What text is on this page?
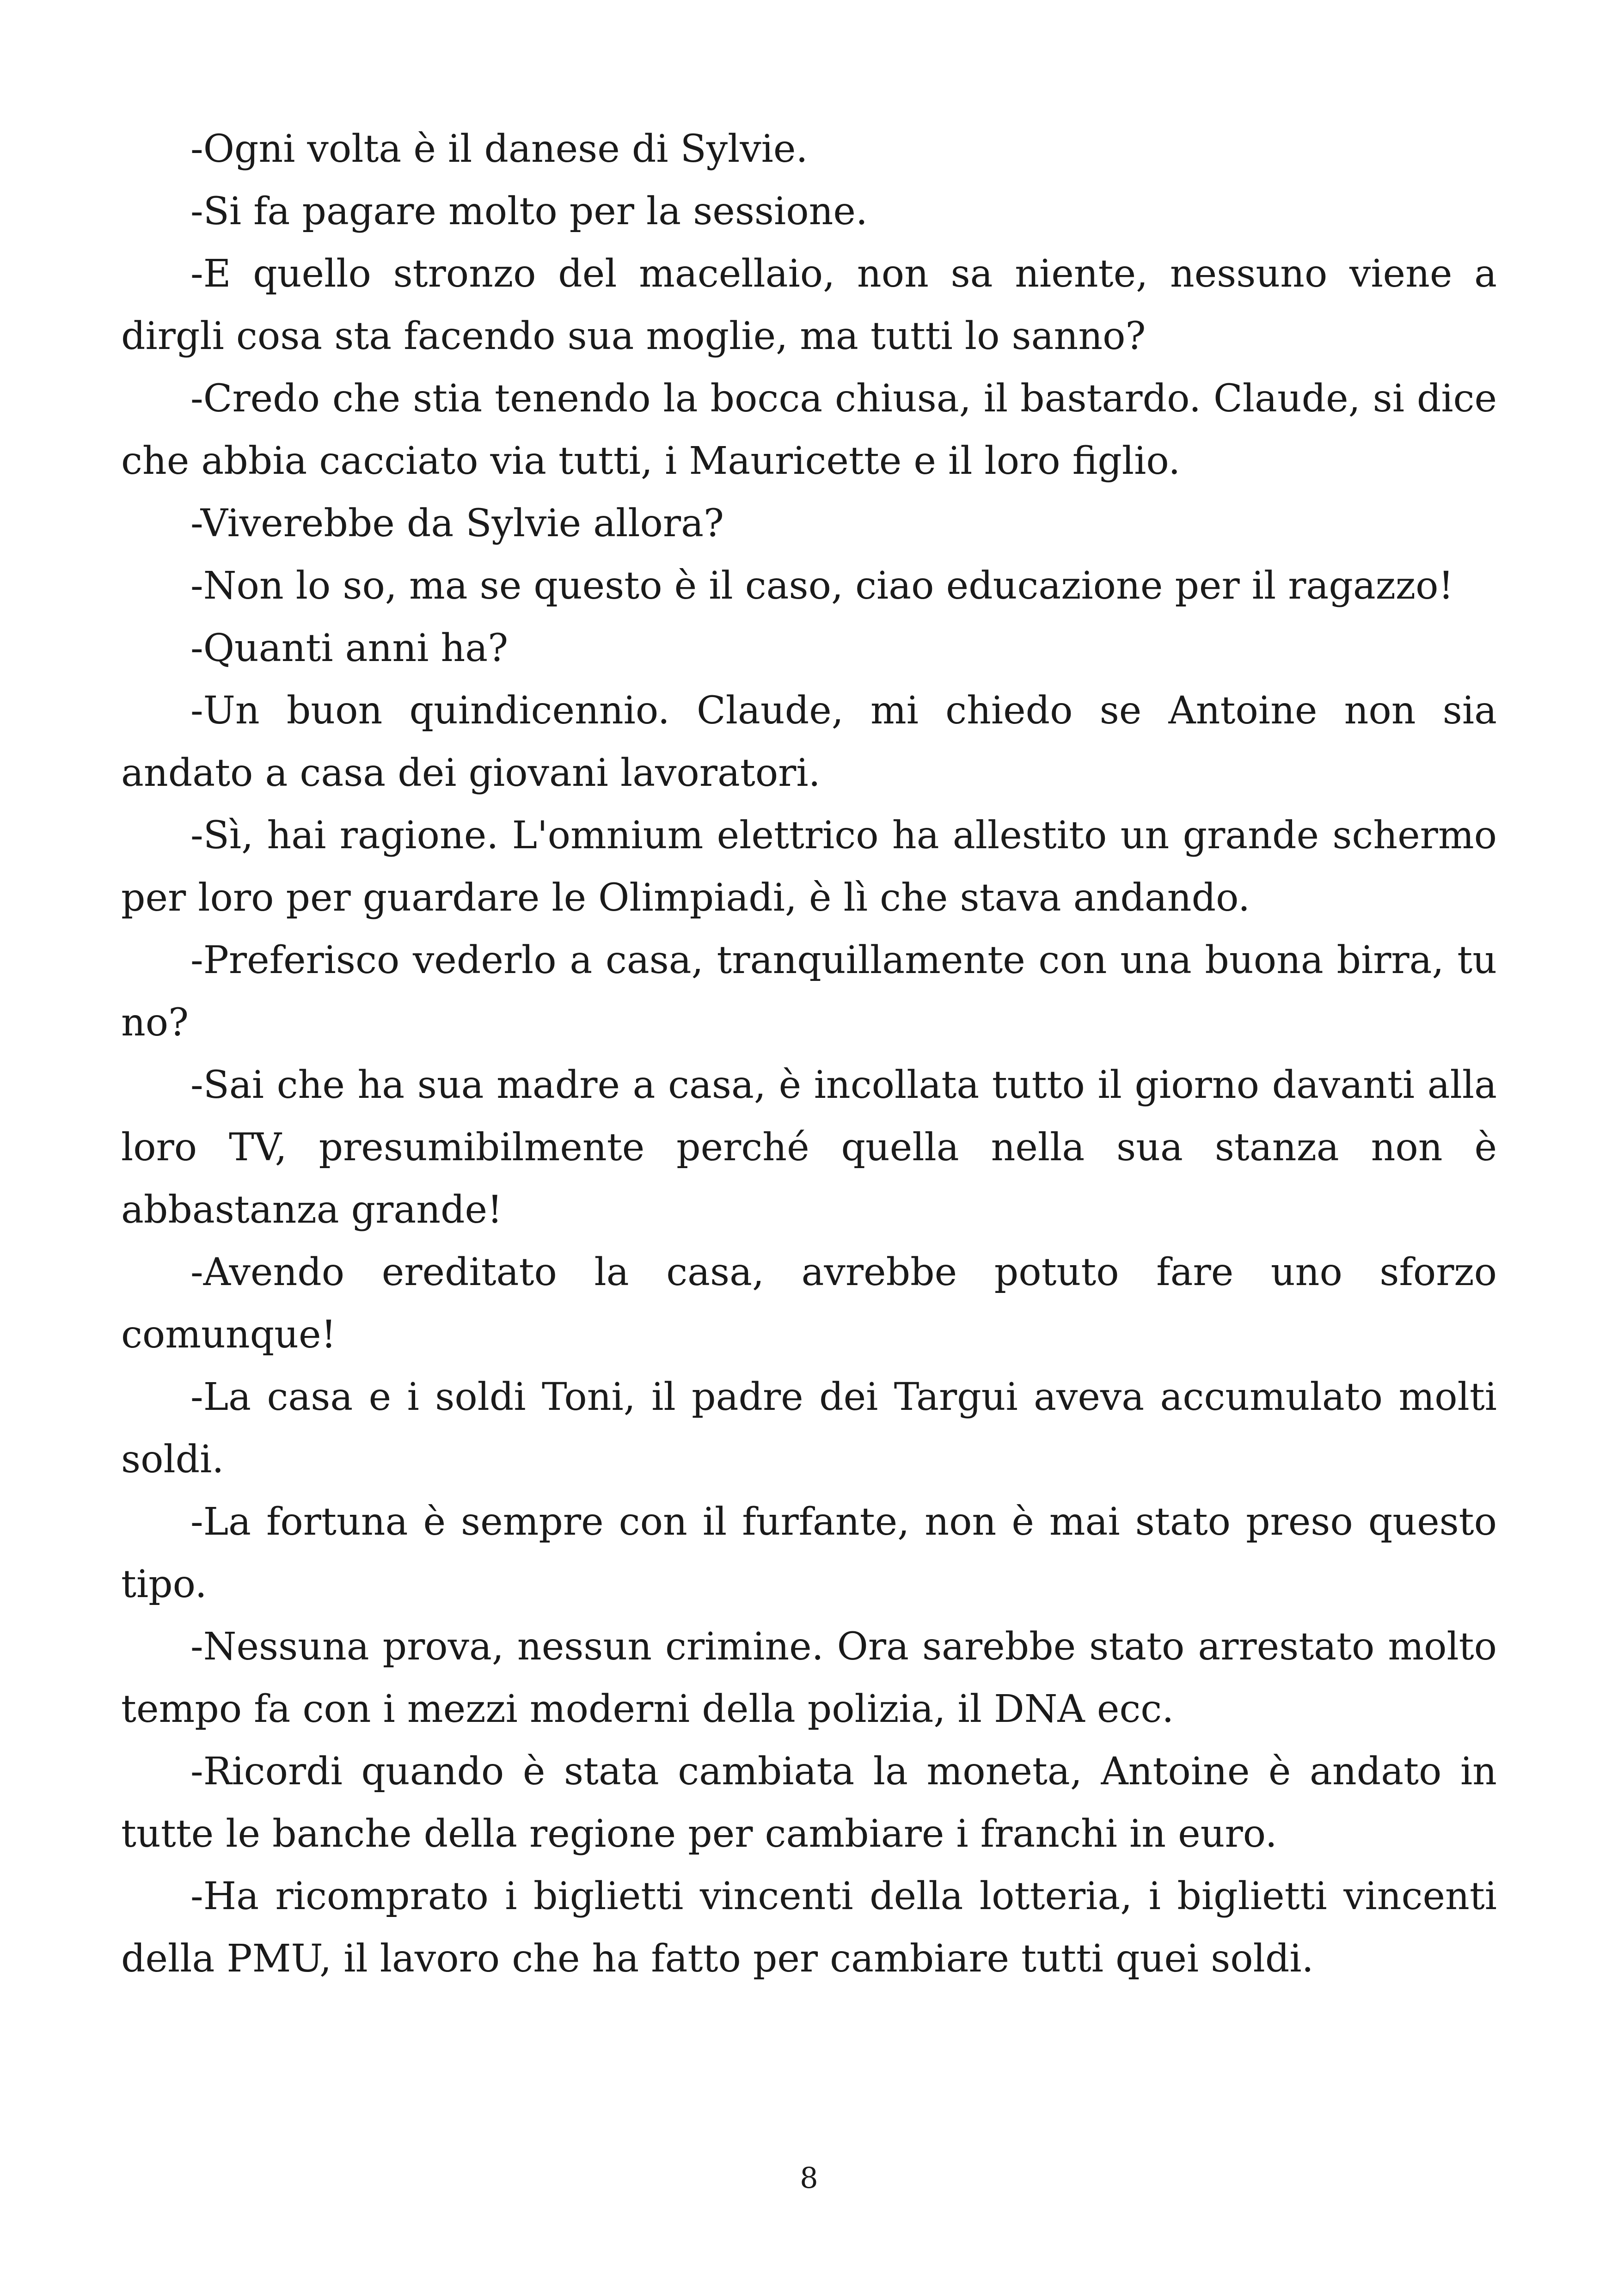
-Ogni volta è il danese di Sylvie.

-Si fa pagare molto per la sessione.

-E quello stronzo del macellaio, non sa niente, nessuno viene a dirgli cosa sta facendo sua moglie, ma tutti lo sanno?

-Credo che stia tenendo la bocca chiusa, il bastardo. Claude, si dice che abbia cacciato via tutti, i Mauricette e il loro figlio.

-Viverebbe da Sylvie allora?

-Non lo so, ma se questo è il caso, ciao educazione per il ragazzo!

-Quanti anni ha?

-Un buon quindicennio. Claude, mi chiedo se Antoine non sia andato a casa dei giovani lavoratori.

-Sì, hai ragione. L'omnium elettrico ha allestito un grande schermo per loro per guardare le Olimpiadi, è lì che stava andando.

-Preferisco vederlo a casa, tranquillamente con una buona birra, tu no?

-Sai che ha sua madre a casa, è incollata tutto il giorno davanti alla loro TV, presumibilmente perché quella nella sua stanza non è abbastanza grande!

-Avendo ereditato la casa, avrebbe potuto fare uno sforzo comunque!

-La casa e i soldi Toni, il padre dei Targui aveva accumulato molti soldi.

-La fortuna è sempre con il furfante, non è mai stato preso questo tipo.

-Nessuna prova, nessun crimine. Ora sarebbe stato arrestato molto tempo fa con i mezzi moderni della polizia, il DNA ecc.

-Ricordi quando è stata cambiata la moneta, Antoine è andato in tutte le banche della regione per cambiare i franchi in euro.

-Ha ricomprato i biglietti vincenti della lotteria, i biglietti vincenti della PMU, il lavoro che ha fatto per cambiare tutti quei soldi.

8
